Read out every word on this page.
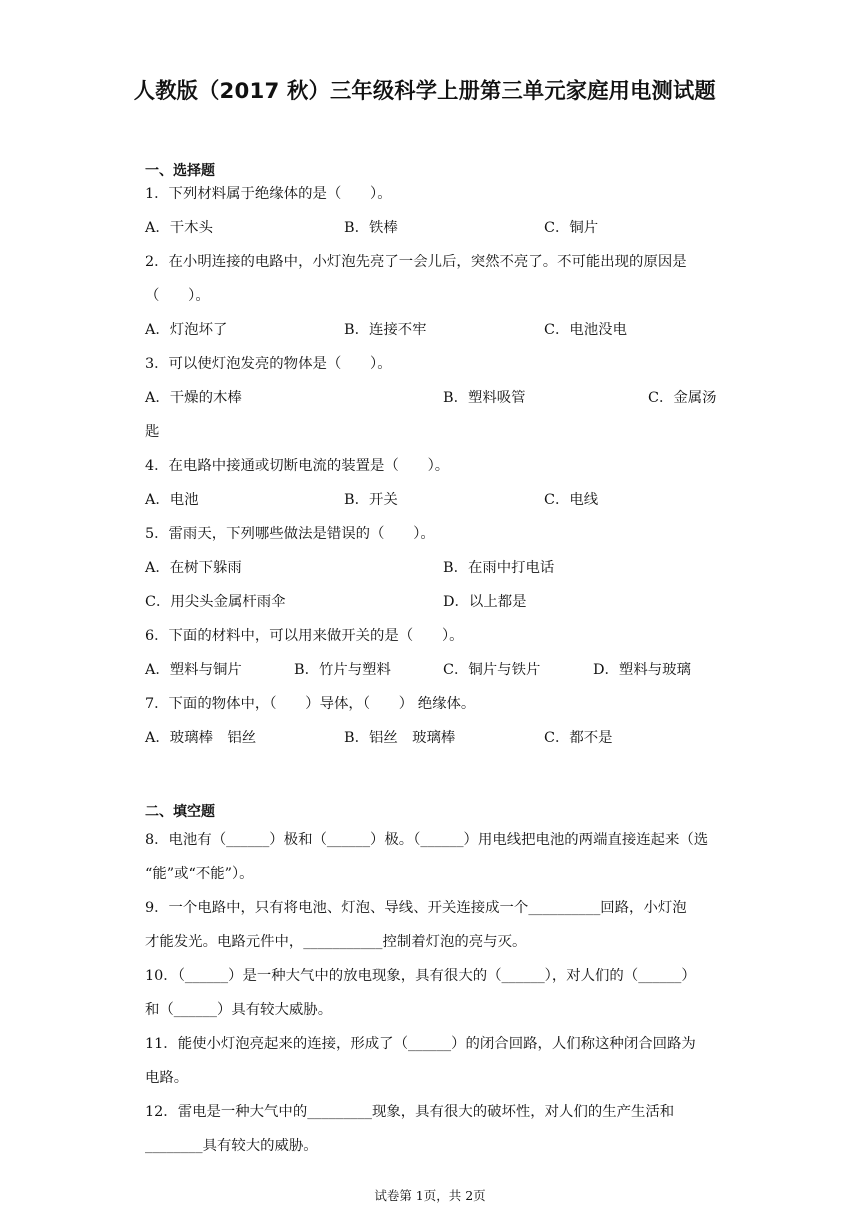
人教版（2017 秋）三年级科学上册第三单元家庭用电测试题
一、选择题
1．下列材料属于绝缘体的是（　　）。
A．干木头	B．铁棒	C．铜片
2．在小明连接的电路中，小灯泡先亮了一会儿后，突然不亮了。不可能出现的原因是
（　　）。
A．灯泡坏了	B．连接不牢	C．电池没电
3．可以使灯泡发亮的物体是（　　）。
A．干燥的木棒	B．塑料吸管	C．金属汤
匙
4．在电路中接通或切断电流的装置是（　　）。
A．电池	B．开关	C．电线
5．雷雨天，下列哪些做法是错误的（　　）。
A．在树下躲雨	B．在雨中打电话
C．用尖头金属杆雨伞	D．以上都是
6．下面的材料中，可以用来做开关的是（　　）。
A．塑料与铜片	B．竹片与塑料	C．铜片与铁片	D．塑料与玻璃
7．下面的物体中，（　　）导体，（　　） 绝缘体。
A．玻璃棒　铝丝	B．铝丝　玻璃棒	C．都不是
二、填空题
8．电池有（______）极和（______）极。（______）用电线把电池的两端直接连起来（选
“能”或“不能”）。
9．一个电路中，只有将电池、灯泡、导线、开关连接成一个__________回路，小灯泡
才能发光。电路元件中，___________控制着灯泡的亮与灭。
10．（______）是一种大气中的放电现象，具有很大的（______），对人们的（______）
和（______）具有较大威胁。
11．能使小灯泡亮起来的连接，形成了（______）的闭合回路，人们称这种闭合回路为
电路。
12．雷电是一种大气中的_________现象，具有很大的破坏性，对人们的生产生活和
________具有较大的威胁。
试卷第 1页，共 2页
